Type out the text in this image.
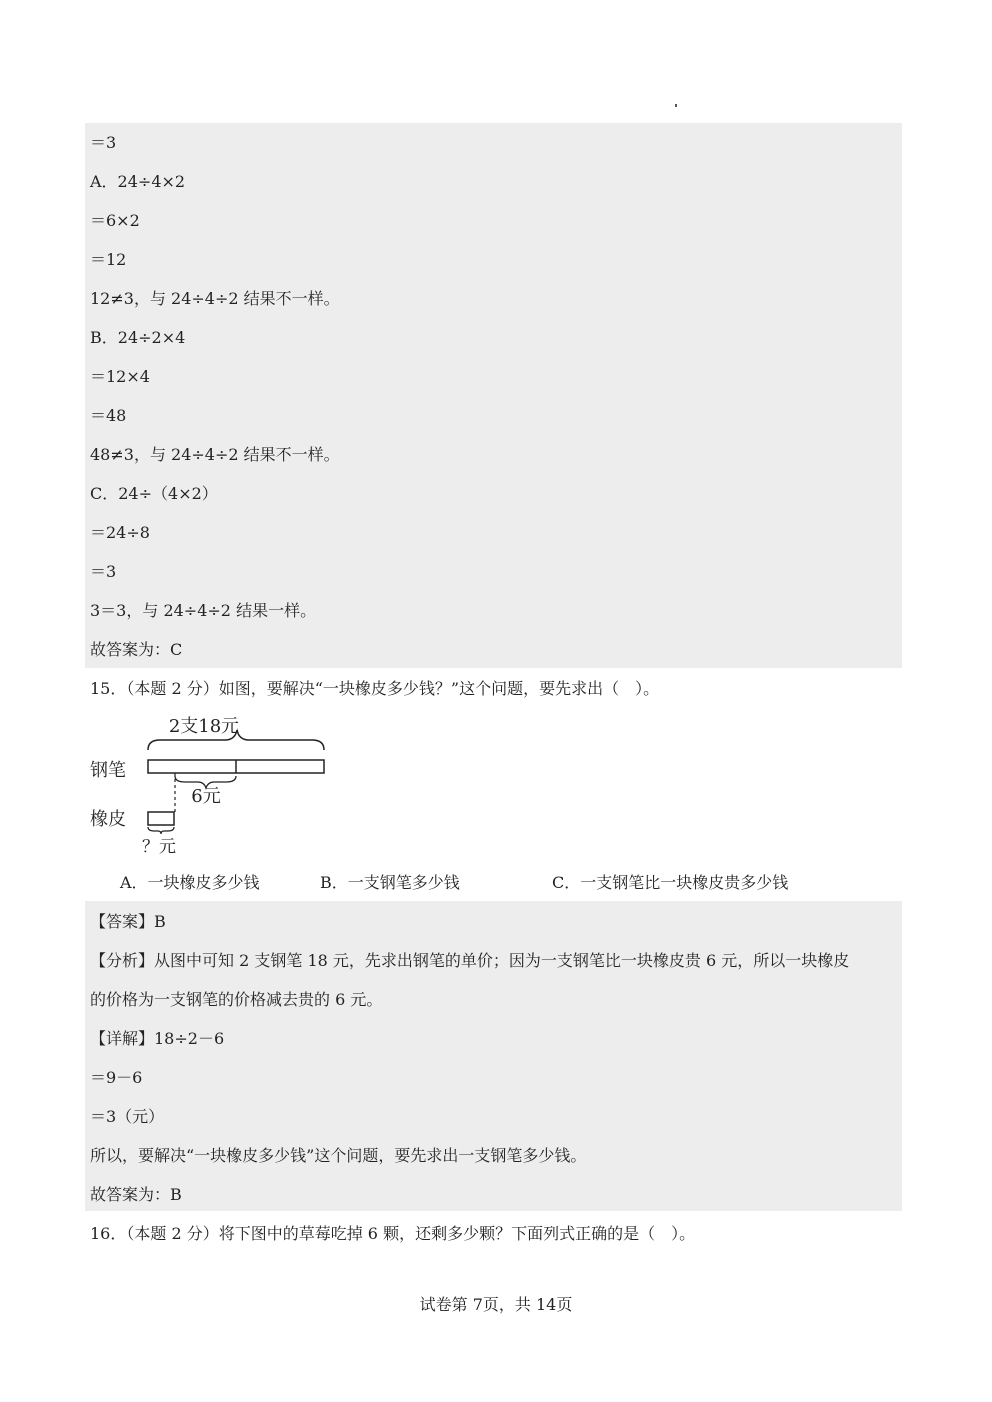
＝3
A．24÷4×2
＝6×2
＝12
12≠3，与 24÷4÷2 结果不一样。
B．24÷2×4
＝12×4
＝48
48≠3，与 24÷4÷2 结果不一样。
C．24÷（4×2）
＝24÷8
＝3
3＝3，与 24÷4÷2 结果一样。
故答案为：C
15．（本题 2 分）如图，要解决“一块橡皮多少钱？”这个问题，要先求出（　）。
2支18元
钢笔
6元
橡皮
？元
A．一块橡皮多少钱	B．一支钢笔多少钱	C．一支钢笔比一块橡皮贵多少钱
【答案】B
【分析】从图中可知 2 支钢笔 18 元，先求出钢笔的单价；因为一支钢笔比一块橡皮贵 6 元，所以一块橡皮
的价格为一支钢笔的价格减去贵的 6 元。
【详解】18÷2－6
＝9－6
＝3（元）
所以，要解决“一块橡皮多少钱”这个问题，要先求出一支钢笔多少钱。
故答案为：B
16．（本题 2 分）将下图中的草莓吃掉 6 颗，还剩多少颗？下面列式正确的是（　）。
试卷第 7页，共 14页
